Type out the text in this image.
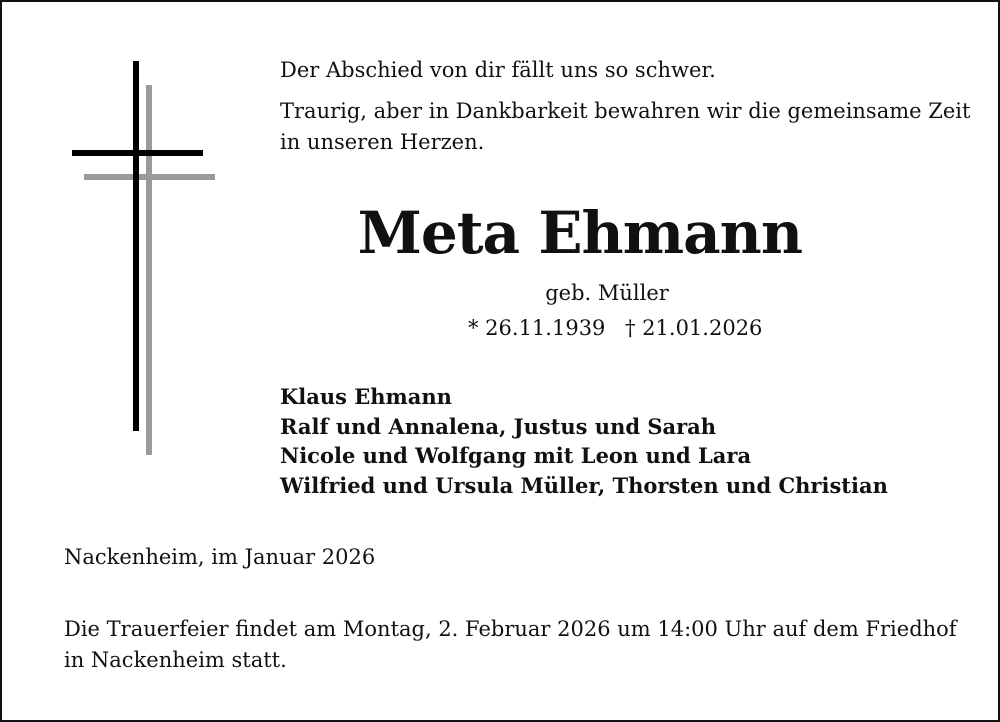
Der Abschied von dir fällt uns so schwer.
Traurig, aber in Dankbarkeit bewahren wir die gemeinsame Zeit
in unseren Herzen.
Meta Ehmann
geb. Müller
* 26.11.1939 † 21.01.2026
Klaus Ehmann
Ralf und Annalena, Justus und Sarah
Nicole und Wolfgang mit Leon und Lara
Wilfried und Ursula Müller, Thorsten und Christian
Nackenheim, im Januar 2026
Die Trauerfeier findet am Montag, 2. Februar 2026 um 14:00 Uhr auf dem Friedhof
in Nackenheim statt.
